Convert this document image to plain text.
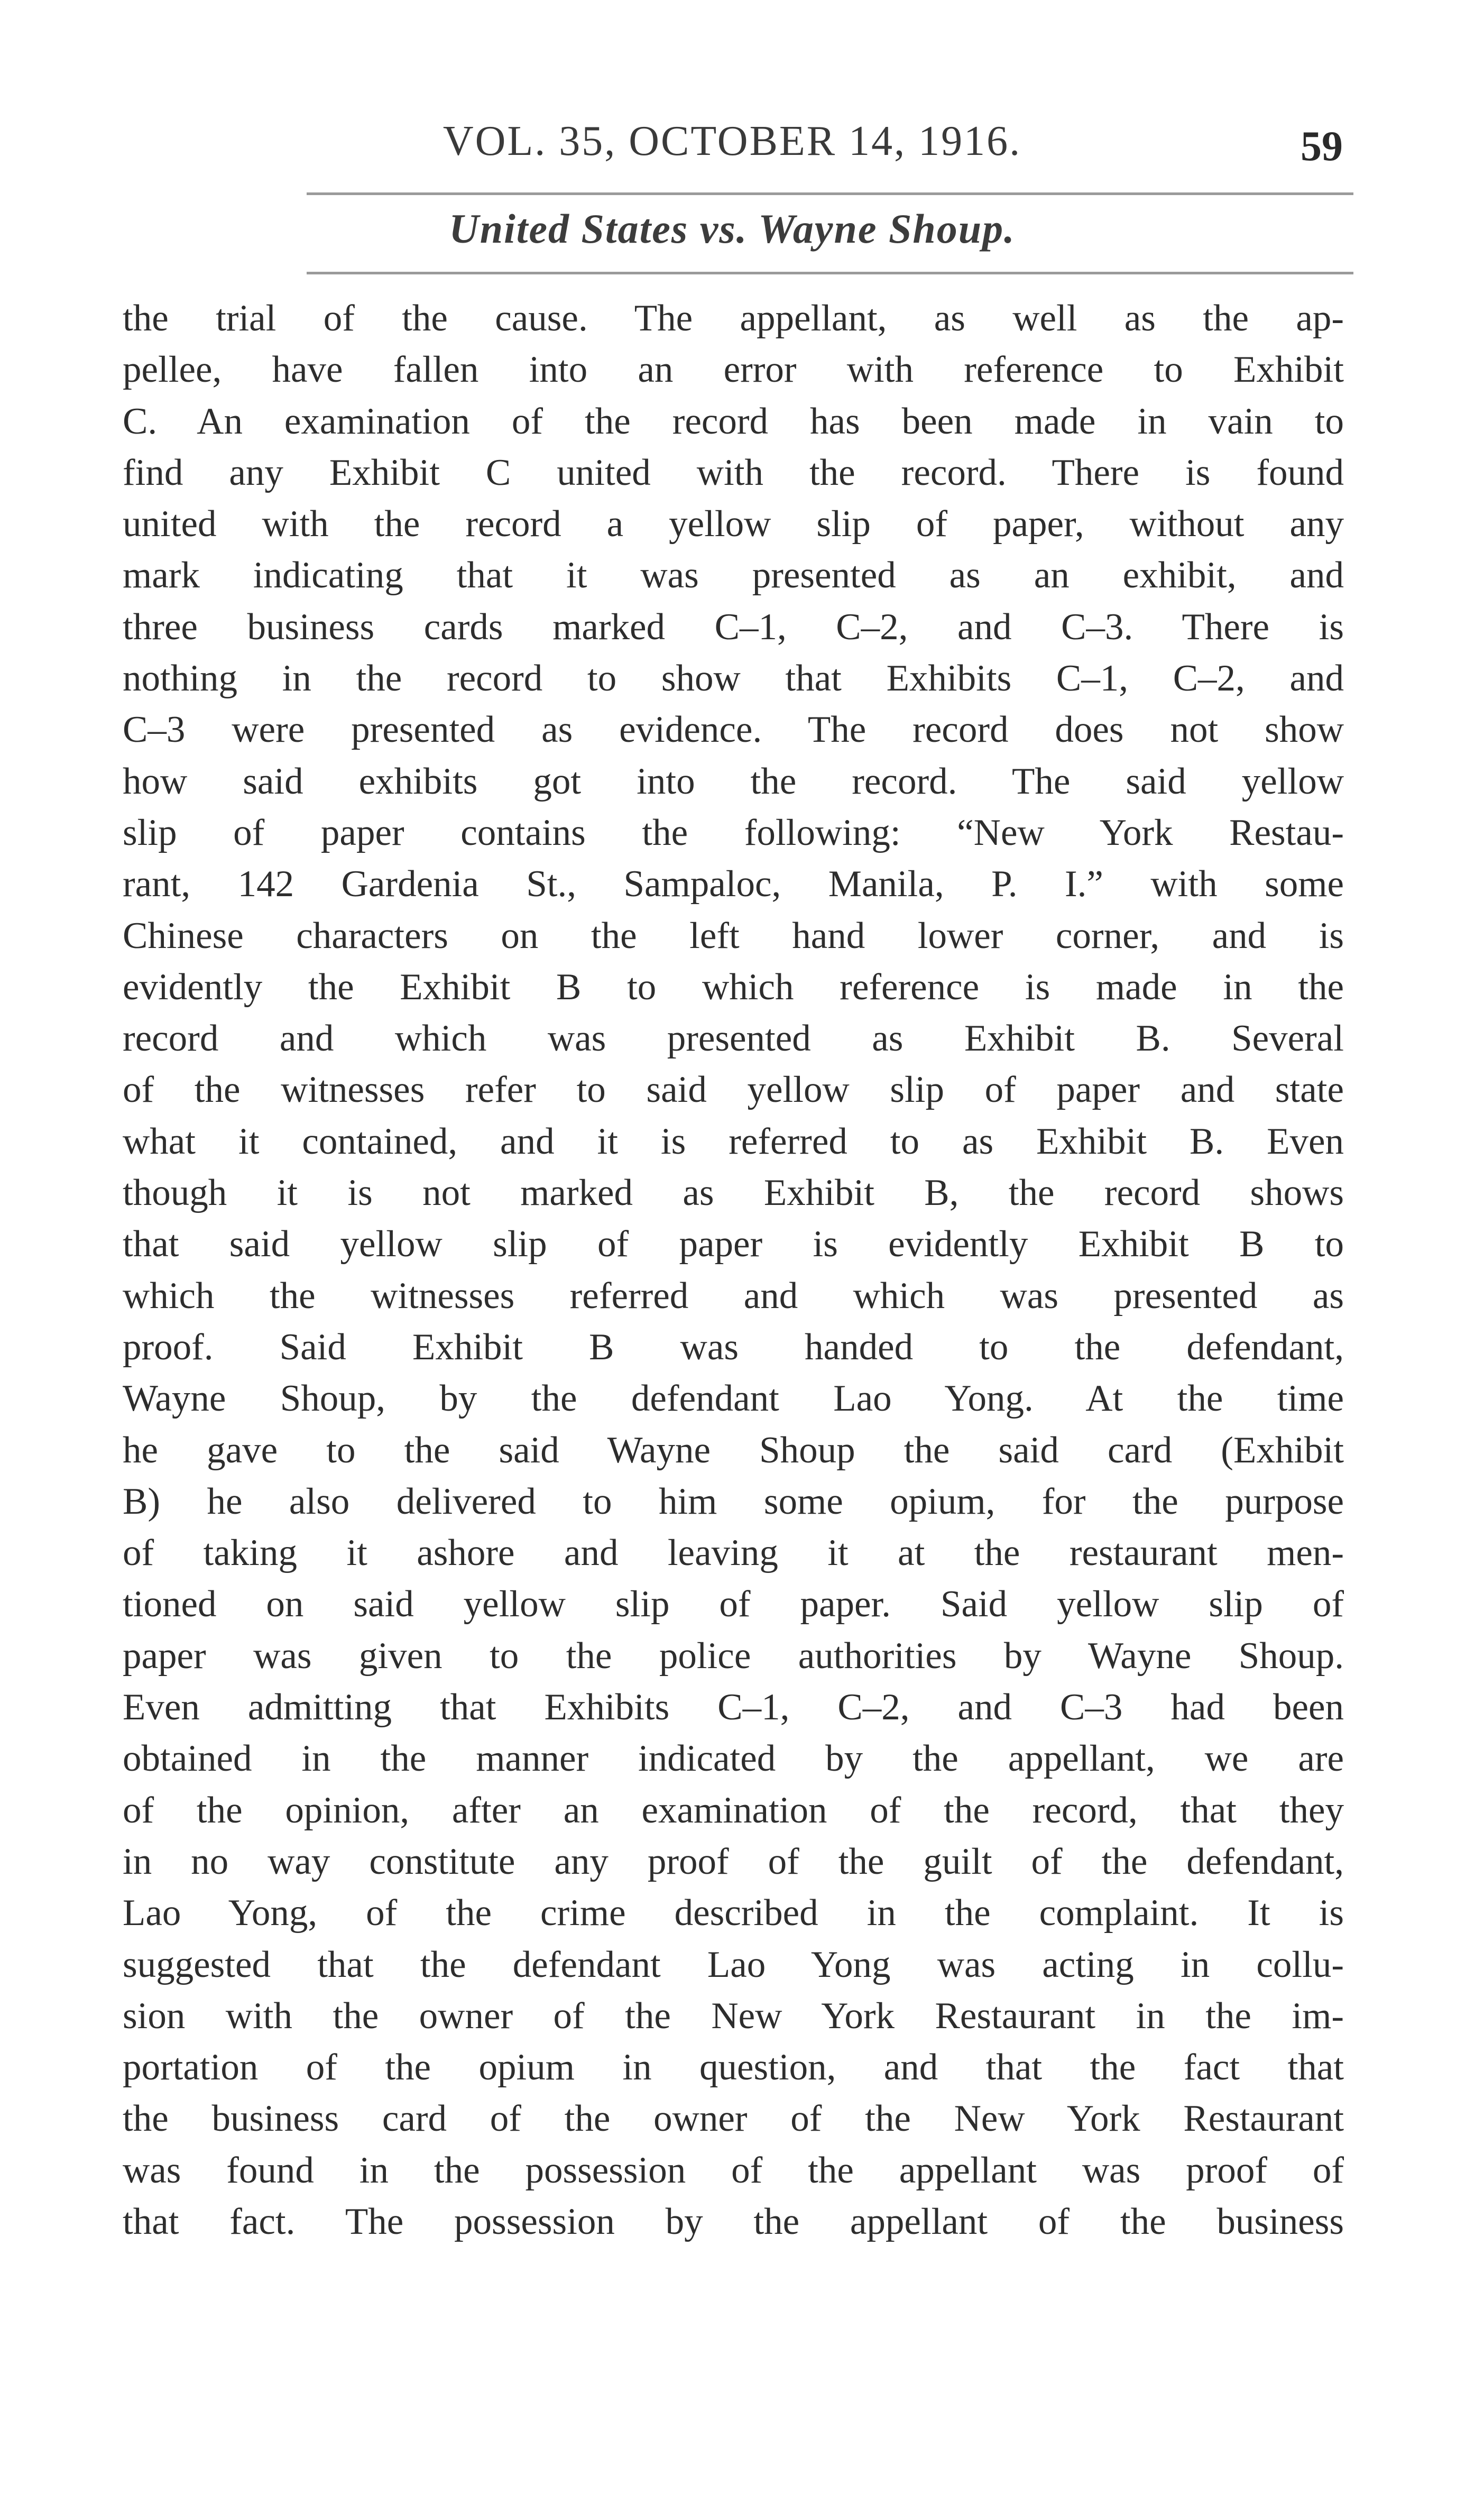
VOL. 35, OCTOBER 14, 1916.	59
United States vs. Wayne Shoup.
the trial of the cause. The appellant, as well as the ap-
pellee, have fallen into an error with reference to Exhibit
C. An examination of the record has been made in vain to
find any Exhibit C united with the record. There is found
united with the record a yellow slip of paper, without any
mark indicating that it was presented as an exhibit, and
three business cards marked C–1, C–2, and C–3. There is
nothing in the record to show that Exhibits C–1, C–2, and
C–3 were presented as evidence. The record does not show
how said exhibits got into the record. The said yellow
slip of paper contains the following: “New York Restau-
rant, 142 Gardenia St., Sampaloc, Manila, P. I.” with some
Chinese characters on the left hand lower corner, and is
evidently the Exhibit B to which reference is made in the
record and which was presented as Exhibit B. Several
of the witnesses refer to said yellow slip of paper and state
what it contained, and it is referred to as Exhibit B. Even
though it is not marked as Exhibit B, the record shows
that said yellow slip of paper is evidently Exhibit B to
which the witnesses referred and which was presented as
proof. Said Exhibit B was handed to the defendant,
Wayne Shoup, by the defendant Lao Yong. At the time
he gave to the said Wayne Shoup the said card (Exhibit
B) he also delivered to him some opium, for the purpose
of taking it ashore and leaving it at the restaurant men-
tioned on said yellow slip of paper. Said yellow slip of
paper was given to the police authorities by Wayne Shoup.
Even admitting that Exhibits C–1, C–2, and C–3 had been
obtained in the manner indicated by the appellant, we are
of the opinion, after an examination of the record, that they
in no way constitute any proof of the guilt of the defendant,
Lao Yong, of the crime described in the complaint. It is
suggested that the defendant Lao Yong was acting in collu-
sion with the owner of the New York Restaurant in the im-
portation of the opium in question, and that the fact that
the business card of the owner of the New York Restaurant
was found in the possession of the appellant was proof of
that fact. The possession by the appellant of the business
